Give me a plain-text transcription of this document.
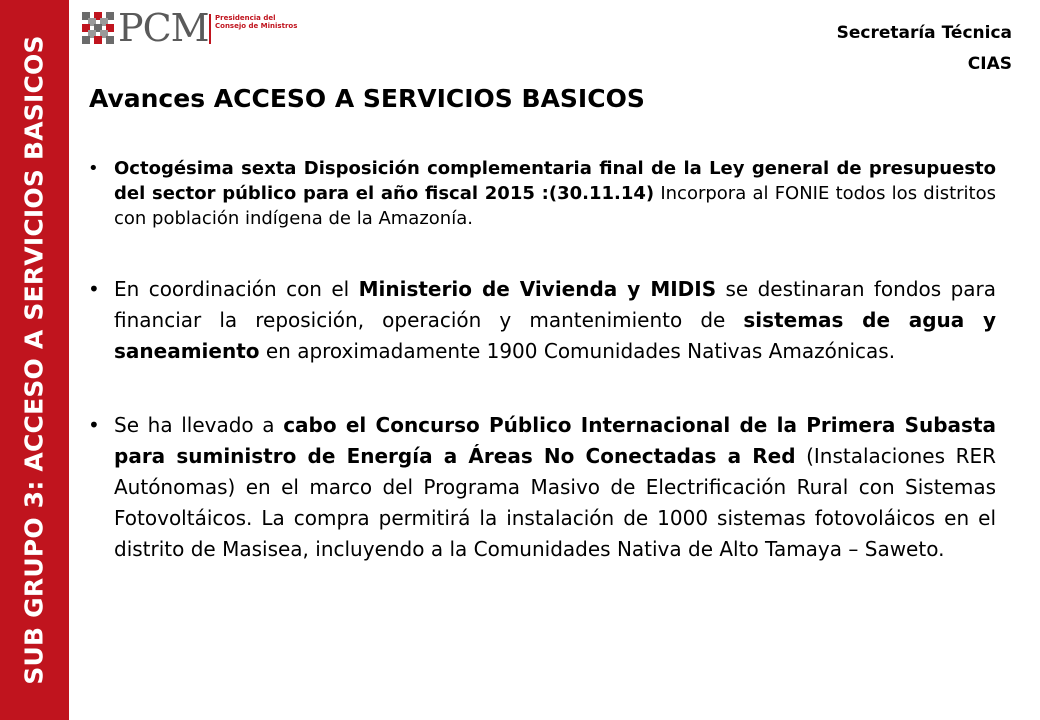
SUB GRUPO 3: ACCESO A SERVICIOS BASICOS
PCM Presidencia del Consejo de Ministros	Secretaría Técnica
CIAS
Avances ACCESO A SERVICIOS BASICOS
• Octogésima sexta Disposición complementaria final de la Ley general de presupuesto del sector público para el año fiscal 2015 :(30.11.14) Incorpora al FONIE todos los distritos con población indígena de la Amazonía.
• En coordinación con el Ministerio de Vivienda y MIDIS se destinaran fondos para financiar la reposición, operación y mantenimiento de sistemas de agua y saneamiento en aproximadamente 1900 Comunidades Nativas Amazónicas.
• Se ha llevado a cabo el Concurso Público Internacional de la Primera Subasta para suministro de Energía a Áreas No Conectadas a Red (Instalaciones RER Autónomas) en el marco del Programa Masivo de Electrificación Rural con Sistemas Fotovoltáicos. La compra permitirá la instalación de 1000 sistemas fotovoláicos en el distrito de Masisea, incluyendo a la Comunidades Nativa de Alto Tamaya – Saweto.
